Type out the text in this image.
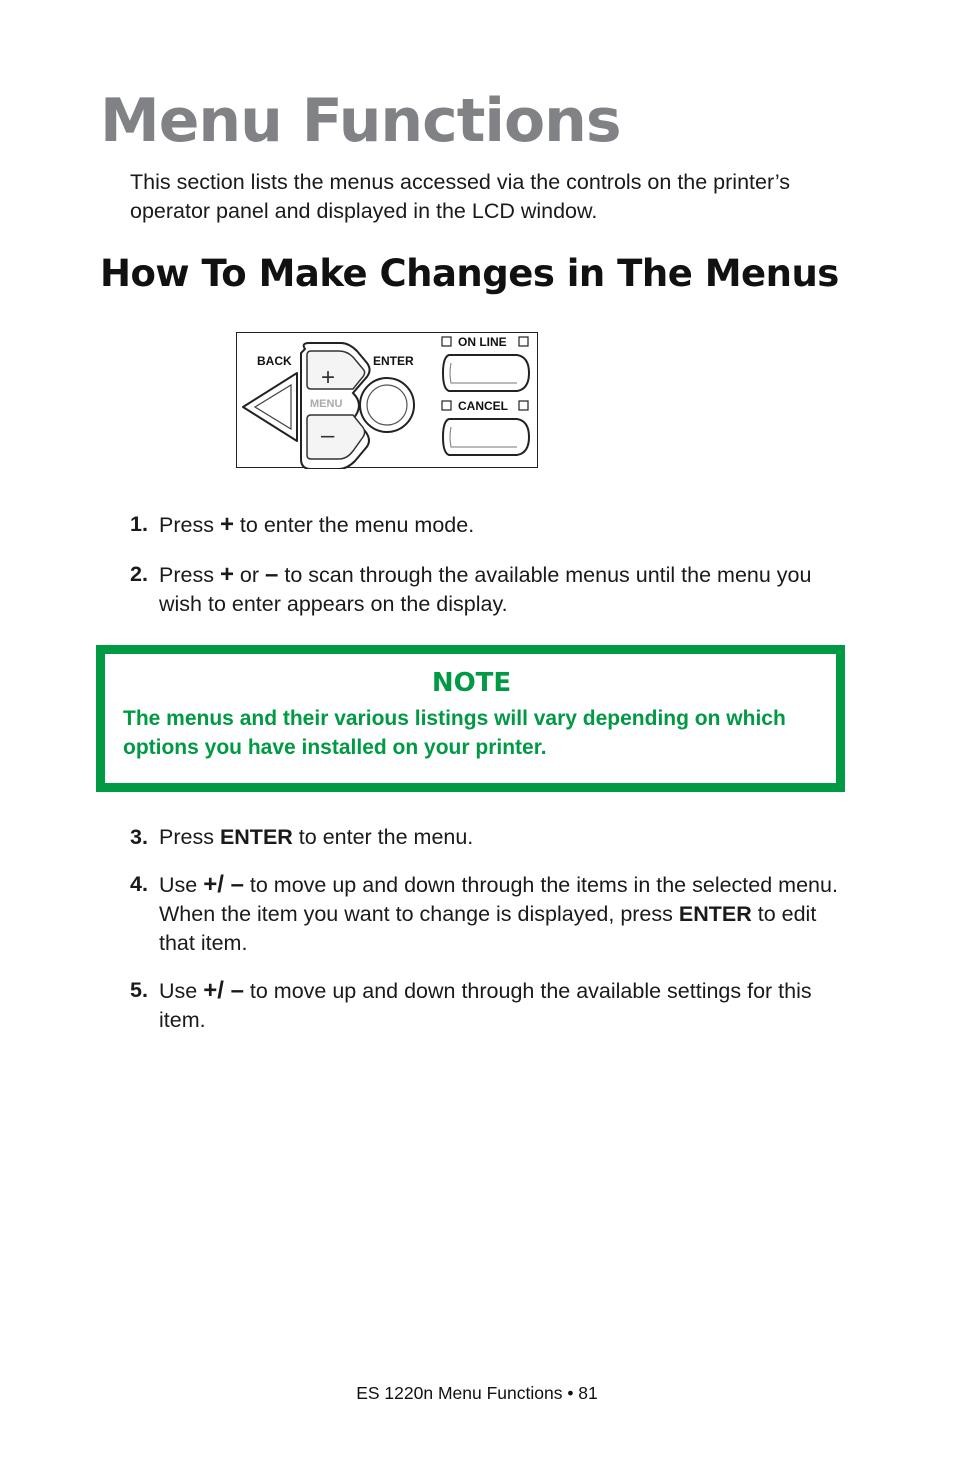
Menu Functions

This section lists the menus accessed via the controls on the printer’s operator panel and displayed in the LCD window.

How To Make Changes in The Menus
BACK	ENTER
+
MENU
–
ON LINE
CANCEL

1. Press + to enter the menu mode.

2. Press + or – to scan through the available menus until the menu you wish to enter appears on the display.

NOTE

The menus and their various listings will vary depending on which options you have installed on your printer.

3. Press ENTER to enter the menu.

4. Use +/ – to move up and down through the items in the selected menu. When the item you want to change is displayed, press ENTER to edit that item.

5. Use +/ – to move up and down through the available settings for this item.

ES 1220n Menu Functions • 81
